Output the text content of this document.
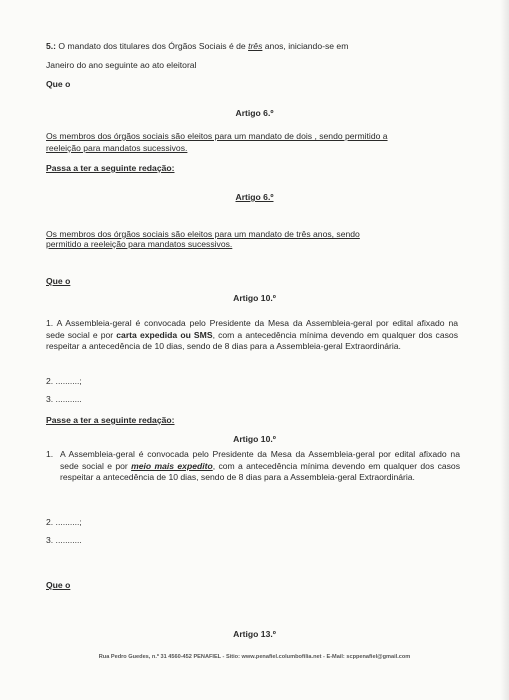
5.: O mandato dos titulares dos Órgãos Sociais é de três anos, iniciando-se em
Janeiro do ano seguinte ao ato eleitoral
Que o
Artigo 6.º
Os membros dos órgãos sociais são eleitos para um mandato de dois , sendo permitido a
reeleição para mandatos sucessivos.
Passa a ter a seguinte redação:
Artigo 6.º
Os membros dos órgãos sociais são eleitos para um mandato de três anos, sendo
permitido a reeleição para mandatos sucessivos.
Que o
Artigo 10.º
1. A Assembleia-geral é convocada pelo Presidente da Mesa da Assembleia-geral por edital afixado na sede social e por carta expedida ou SMS, com a antecedência mínima devendo em qualquer dos casos respeitar a antecedência de 10 dias, sendo de 8 dias para a Assembleia-geral Extraordinária.
2. ..........;
3. ...........
Passe a ter a seguinte redação:
Artigo 10.º
1. A Assembleia-geral é convocada pelo Presidente da Mesa da Assembleia-geral por edital afixado na sede social e por meio mais expedito, com a antecedência mínima devendo em qualquer dos casos respeitar a antecedência de 10 dias, sendo de 8 dias para a Assembleia-geral Extraordinária.
2. ..........;
3. ...........
Que o
Artigo 13.º
Rua Pedro Guedes, n.º 31 4560-452 PENAFIEL - Sitio: www.penafiel.columbofilia.net - E-Mail: scppenafiel@gmail.com
